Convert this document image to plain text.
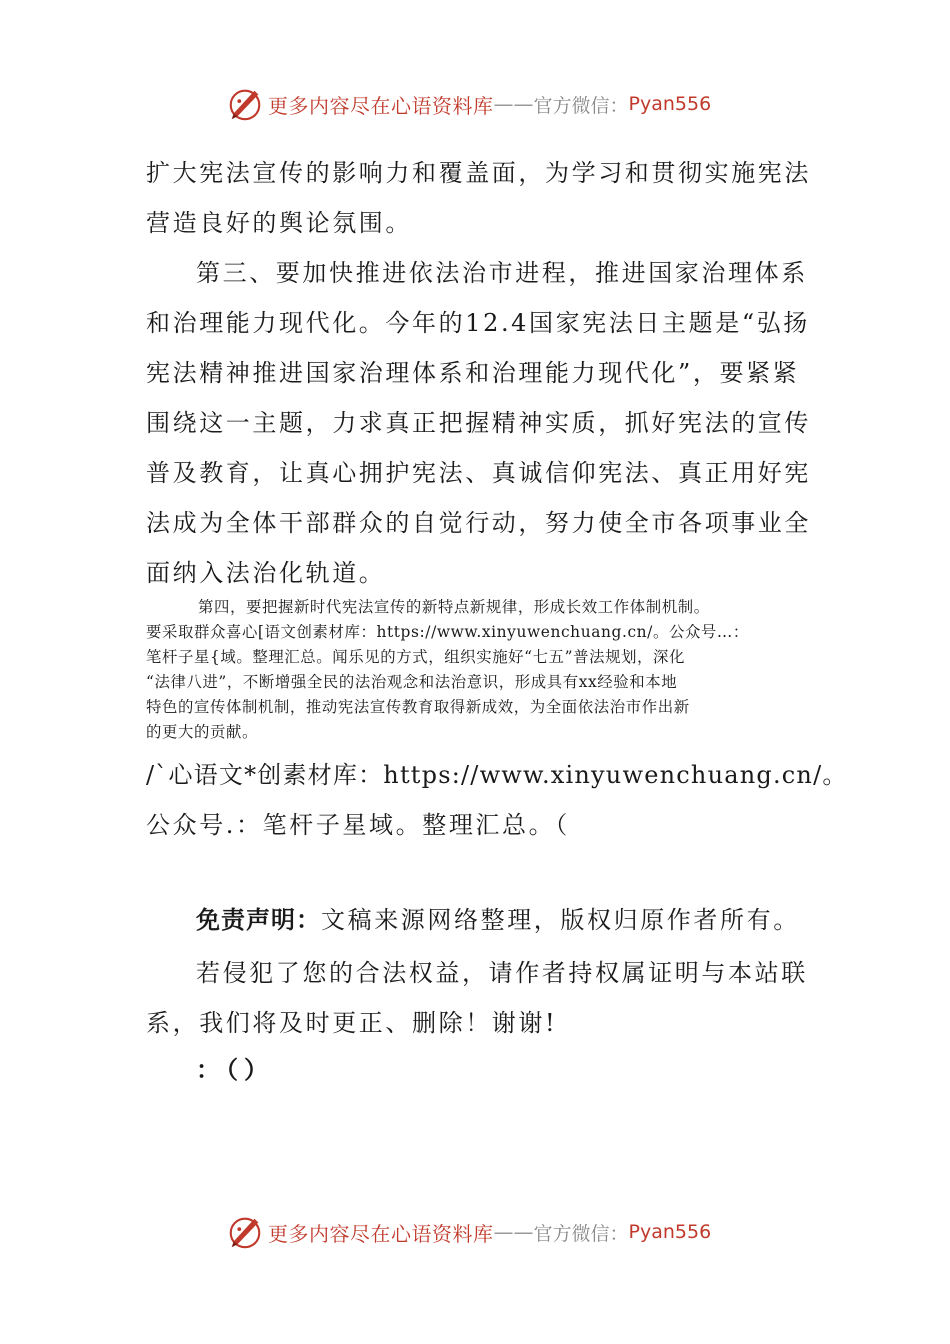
更多内容尽在心语资料库 —— 官方微信： Pyan556
扩大宪法宣传的影响力和覆盖面，为学习和贯彻实施宪法
营造良好的舆论氛围。
第三、要加快推进依法治市进程，推进国家治理体系
和治理能力现代化。今年的12.4国家宪法日主题是“弘扬
宪法精神推进国家治理体系和治理能力现代化”，要紧紧
围绕这一主题，力求真正把握精神实质，抓好宪法的宣传
普及教育，让真心拥护宪法、真诚信仰宪法、真正用好宪
法成为全体干部群众的自觉行动，努力使全市各项事业全
面纳入法治化轨道。
第四，要把握新时代宪法宣传的新特点新规律，形成长效工作体制机制。
要采取群众喜心[语文创素材库：https://www.xinyuwenchuang.cn/。公众号…：
笔杆子星{域。整理汇总。闻乐见的方式，组织实施好“七五”普法规划，深化
“法律八进”，不断增强全民的法治观念和法治意识，形成具有xx经验和本地
特色的宣传体制机制，推动宪法宣传教育取得新成效，为全面依法治市作出新
的更大的贡献。
/`心语文*创素材库：https://www.xinyuwenchuang.cn/。
公众号.：笔杆子星域。整理汇总。（
免责声明：文稿来源网络整理，版权归原作者所有。
若侵犯了您的合法权益，请作者持权属证明与本站联
系，我们将及时更正、删除！谢谢!
：（）
更多内容尽在心语资料库 —— 官方微信： Pyan556
